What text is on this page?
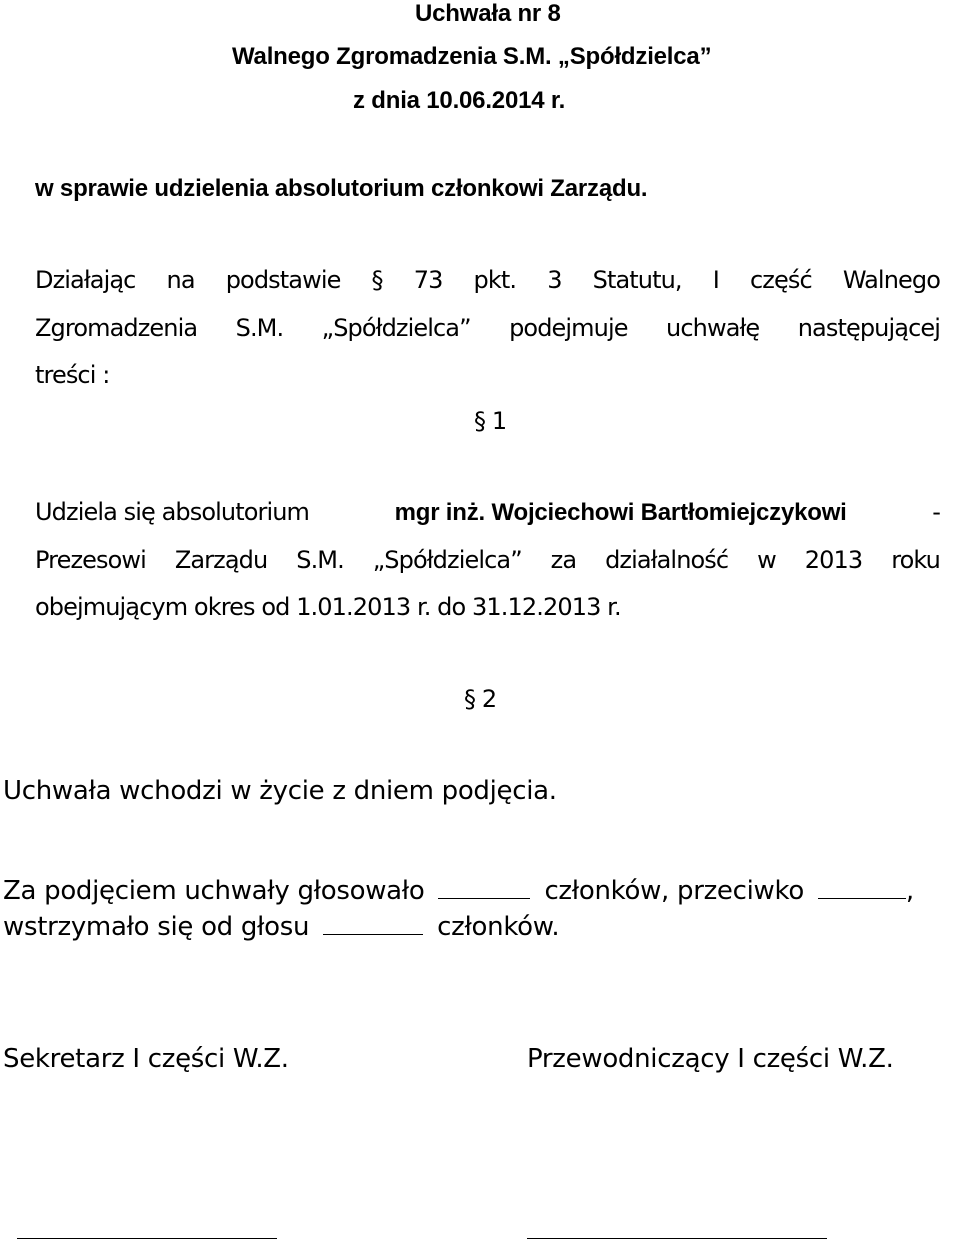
Uchwała nr 8
Walnego Zgromadzenia S.M. „Spółdzielca”
z dnia 10.06.2014 r.
w sprawie udzielenia absolutorium członkowi Zarządu.
Działając na podstawie § 73 pkt. 3 Statutu, I część Walnego
Zgromadzenia S.M. „Spółdzielca” podejmuje uchwałę następującej
treści :
§ 1
Udziela się absolutorium	mgr inż. Wojciechowi Bartłomiejczykowi	-
Prezesowi Zarządu S.M. „Spółdzielca” za działalność w 2013 roku
obejmującym okres od 1.01.2013 r. do 31.12.2013 r.
§ 2
Uchwała wchodzi w życie z dniem podjęcia.
Za podjęciem uchwały głosowało	członków, przeciwko	,
wstrzymało się od głosu	członków.
Sekretarz I części W.Z.	Przewodniczący I części W.Z.
